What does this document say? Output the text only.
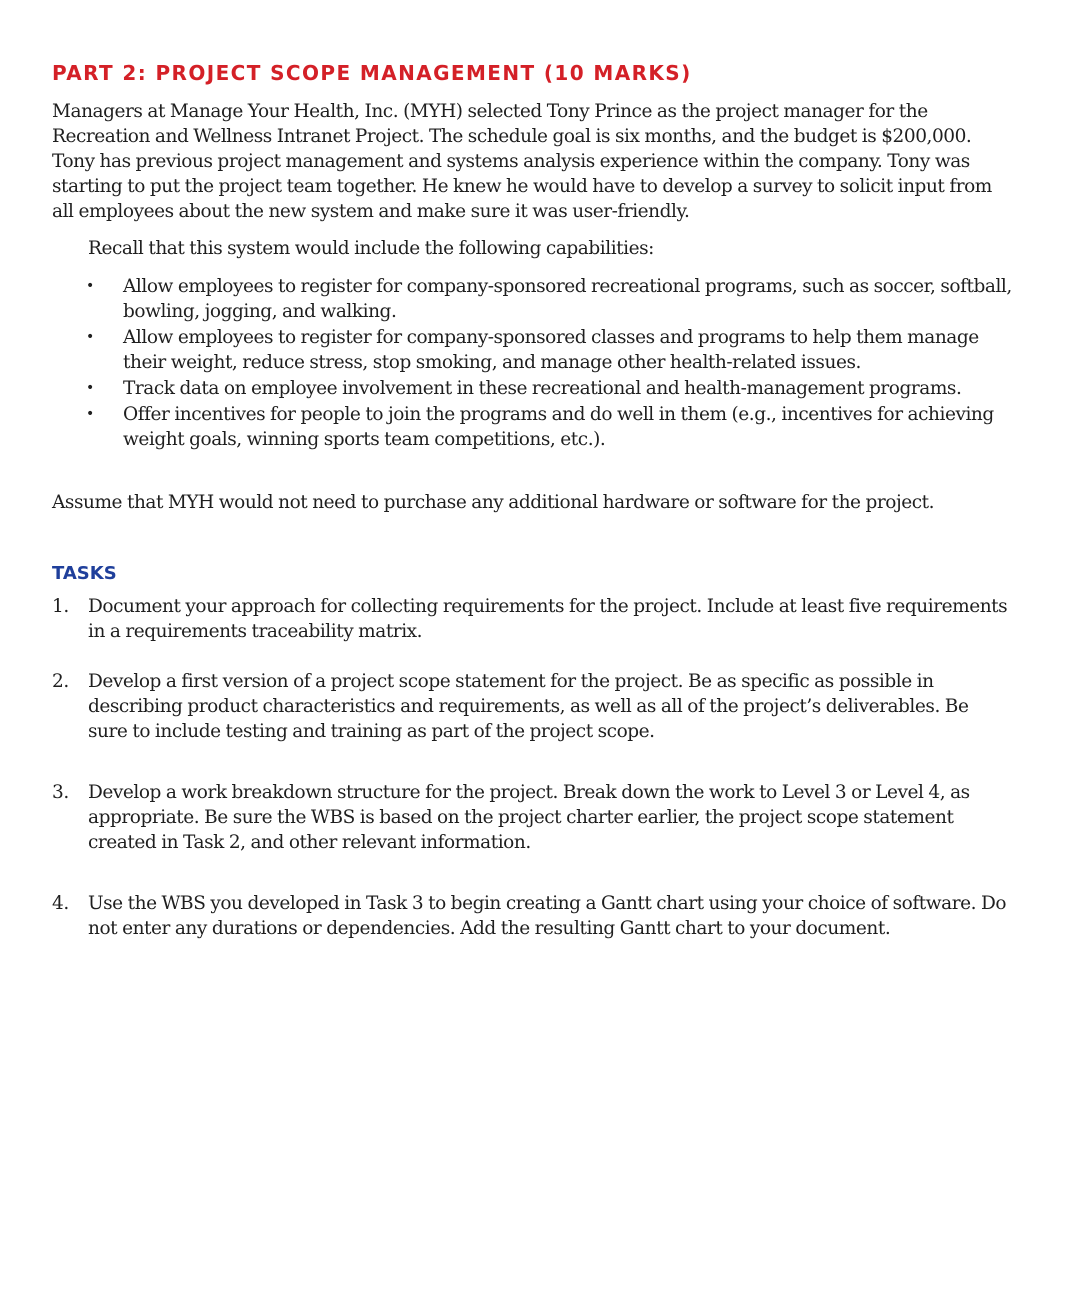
PART 2: PROJECT SCOPE MANAGEMENT (10 MARKS)

Managers at Manage Your Health, Inc. (MYH) selected Tony Prince as the project manager for the Recreation and Wellness Intranet Project. The schedule goal is six months, and the budget is $200,000. Tony has previous project management and systems analysis experience within the company. Tony was starting to put the project team together. He knew he would have to develop a survey to solicit input from all employees about the new system and make sure it was user-friendly.

Recall that this system would include the following capabilities:

• Allow employees to register for company-sponsored recreational programs, such as soccer, softball, bowling, jogging, and walking.
• Allow employees to register for company-sponsored classes and programs to help them manage their weight, reduce stress, stop smoking, and manage other health-related issues.
• Track data on employee involvement in these recreational and health-management programs.
• Offer incentives for people to join the programs and do well in them (e.g., incentives for achieving weight goals, winning sports team competitions, etc.).

Assume that MYH would not need to purchase any additional hardware or software for the project.

TASKS
1.	Document your approach for collecting requirements for the project. Include at least five requirements in a requirements traceability matrix.
2.	Develop a first version of a project scope statement for the project. Be as specific as possible in describing product characteristics and requirements, as well as all of the project’s deliverables. Be sure to include testing and training as part of the project scope.
3.	Develop a work breakdown structure for the project. Break down the work to Level 3 or Level 4, as appropriate. Be sure the WBS is based on the project charter earlier, the project scope statement created in Task 2, and other relevant information.
4.	Use the WBS you developed in Task 3 to begin creating a Gantt chart using your choice of software. Do not enter any durations or dependencies. Add the resulting Gantt chart to your document.
